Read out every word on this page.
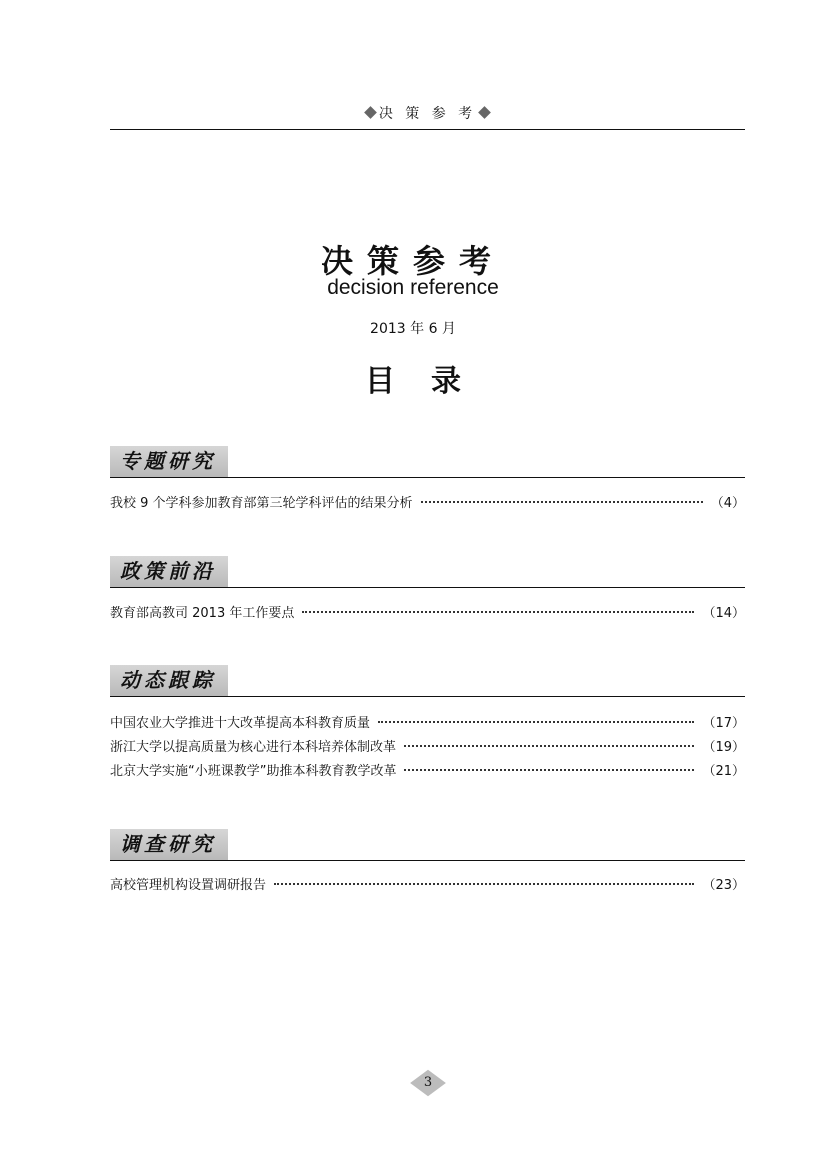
决 策 参 考
决策参考
decision reference
2013 年 6 月
目录
专题研究
我校 9 个学科参加教育部第三轮学科评估的结果分析	（4）
政策前沿
教育部高教司 2013 年工作要点	（14）
动态跟踪
中国农业大学推进十大改革提高本科教育质量	（17）
浙江大学以提高质量为核心进行本科培养体制改革	（19）
北京大学实施“小班课教学”助推本科教育教学改革	（21）
调查研究
高校管理机构设置调研报告	（23）
3
